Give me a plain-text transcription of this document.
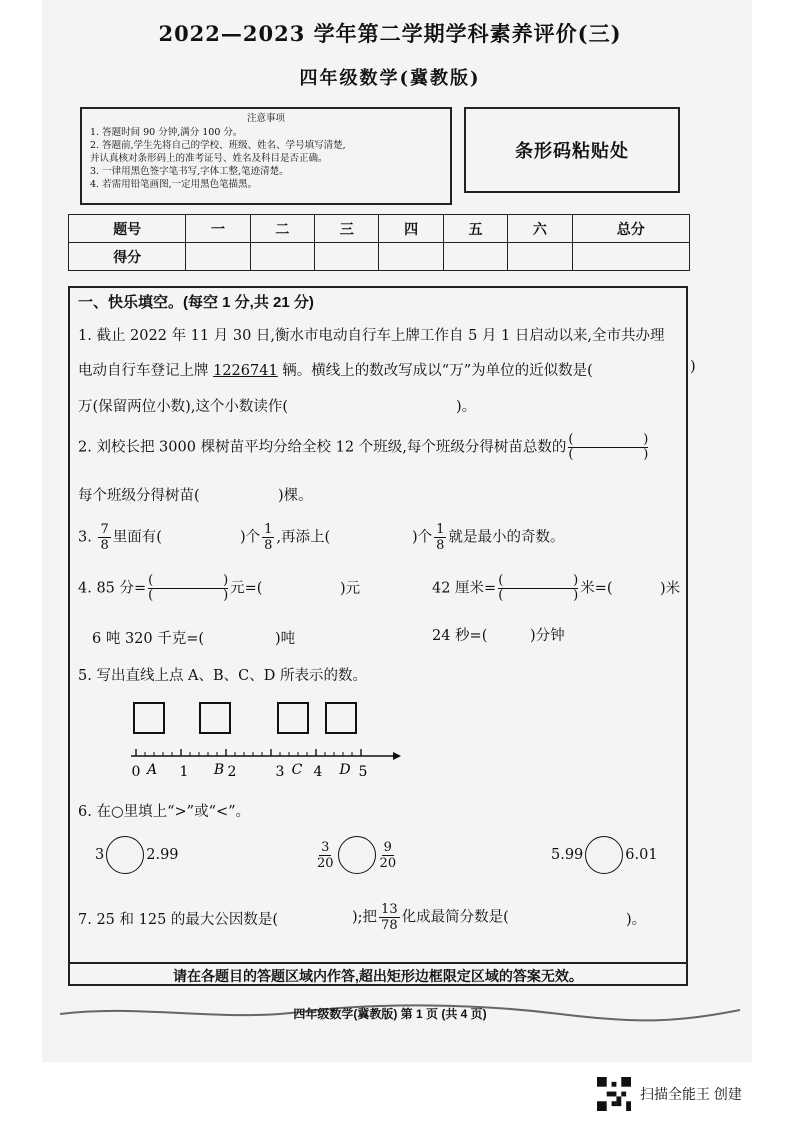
2022—2023 学年第二学期学科素养评价(三)
四年级数学(冀教版)
注意事项
1. 答题时间 90 分钟,满分 100 分。
2. 答题前,学生先将自己的学校、班级、姓名、学号填写清楚,
并认真核对条形码上的准考证号、姓名及科目是否正确。
3. 一律用黑色签字笔书写,字体工整,笔迹清楚。
4. 若需用铅笔画图,一定用黑色笔描黑。
条形码粘贴处
题号	一	二	三	四	五	六	总分
得分							
一、快乐填空。(每空 1 分,共 21 分)
1. 截止 2022 年 11 月 30 日,衡水市电动自行车上牌工作自 5 月 1 日启动以来,全市共办理
电动自行车登记上牌 1226741 辆。横线上的数改写成以“万”为单位的近似数是(	)
万(保留两位小数),这个小数读作(	)。
2. 刘校长把 3000 棵树苗平均分给全校 12 个班级,每个班级分得树苗总数的 (	)
(	)
每个班级分得树苗(	)棵。
3. $\frac{7}{8}$ 里面有(	)个 $\frac{1}{8}$ ,再添上(	)个 $\frac{1}{8}$ 就是最小的奇数。
4. 85 分= (	)
(	) 元=(	)元	42 厘米= (	)
(	) 米=(	)米
6 吨 320 千克=(	)吨	24 秒=(	)分钟
5. 写出直线上点 A、B、C、D 所表示的数。
0	1	2	3 4	5
A	B	C	D
6. 在○里填上“>”或“<”。
3	2.99	$\frac{3}{20}$	$\frac{9}{20}$	5.99	6.01
7. 25 和 125 的最大公因数是(	);把 $\frac{13}{78}$ 化成最简分数是(	)。
请在各题目的答题区域内作答,超出矩形边框限定区域的答案无效。
四年级数学(冀教版) 第 1 页 (共 4 页)
扫描全能王 创建
